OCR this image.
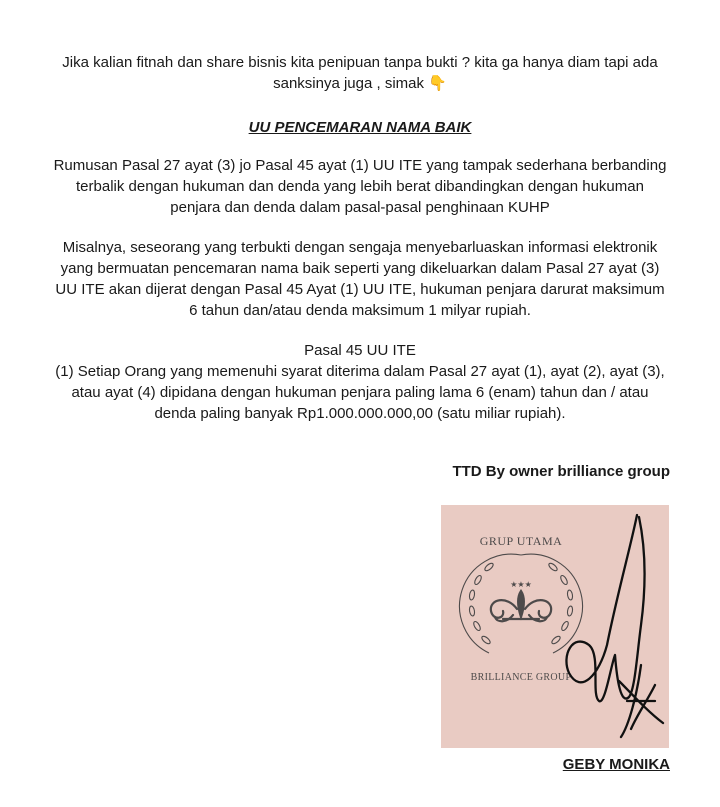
Jika kalian fitnah dan share bisnis kita penipuan tanpa bukti ? kita ga hanya diam tapi ada
sanksinya juga , simak 👇
UU PENCEMARAN NAMA BAIK
Rumusan Pasal 27 ayat (3) jo Pasal 45 ayat (1) UU ITE yang tampak sederhana berbanding
terbalik dengan hukuman dan denda yang lebih berat dibandingkan dengan hukuman
penjara dan denda dalam pasal-pasal penghinaan KUHP
Misalnya, seseorang yang terbukti dengan sengaja menyebarluaskan informasi elektronik
yang bermuatan pencemaran nama baik seperti yang dikeluarkan dalam Pasal 27 ayat (3)
UU ITE akan dijerat dengan Pasal 45 Ayat (1) UU ITE, hukuman penjara darurat maksimum
6 tahun dan/atau denda maksimum 1 milyar rupiah.
Pasal 45 UU ITE
(1) Setiap Orang yang memenuhi syarat diterima dalam Pasal 27 ayat (1), ayat (2), ayat (3),
atau ayat (4) dipidana dengan hukuman penjara paling lama 6 (enam) tahun dan / atau
denda paling banyak Rp1.000.000.000,00 (satu miliar rupiah).
TTD By owner brilliance group
GRUP UTAMA
★★★
BRILLIANCE GROUP
GEBY MONIKA
